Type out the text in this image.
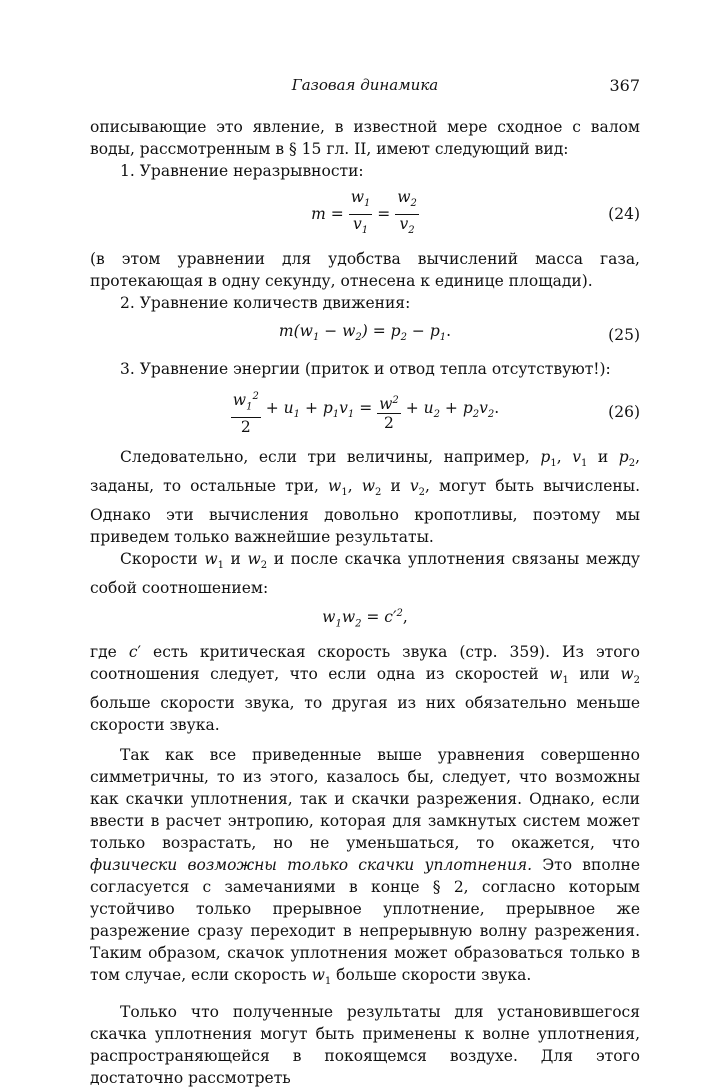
Газовая динамика	367

описывающие это явление, в известной мере сходное с валом воды, рассмотренным в § 15 гл. II, имеют следующий вид:

1. Уравнение неразрывности:

$m = \frac{w_1}{v_1} = \frac{w_2}{v_2}$	(24)

(в этом уравнении для удобства вычислений масса газа, протекающая в одну секунду, отнесена к единице площади).

2. Уравнение количеств движения:

$m(w_1 - w_2) = p_2 - p_1$.	(25)

3. Уравнение энергии (приток и отвод тепла отсутствуют!):

$\frac{w_1^2}{2} + u_1 + p_1v_1 = \frac{w^2}{2} + u_2 + p_2v_2$.	(26)

Следовательно, если три величины, например, $p_1$, $v_1$ и $p_2$, заданы, то остальные три, $w_1$, $w_2$ и $v_2$, могут быть вычислены. Однако эти вычисления довольно кропотливы, поэтому мы приведем только важнейшие результаты.

Скорости $w_1$ и $w_2$ и после скачка уплотнения связаны между собой соотношением:

$w_1w_2 = c'^2$,

где c′ есть критическая скорость звука (стр. 359). Из этого соотношения следует, что если одна из скоростей $w_1$ или $w_2$ больше скорости звука, то другая из них обязательно меньше скорости звука.

Так как все приведенные выше уравнения совершенно симметричны, то из этого, казалось бы, следует, что возможны как скачки уплотнения, так и скачки разрежения. Однако, если ввести в расчет энтропию, которая для замкнутых систем может только возрастать, но не уменьшаться, то окажется, что физически возможны только скачки уплотнения. Это вполне согласуется с замечаниями в конце § 2, согласно которым устойчиво только прерывное уплотнение, прерывное же разрежение сразу переходит в непрерывную волну разрежения. Таким образом, скачок уплотнения может образоваться только в том случае, если скорость $w_1$ больше скорости звука.

Только что полученные результаты для установившегося скачка уплотнения могут быть применены к волне уплотнения, распространяющейся в покоящемся воздухе. Для этого достаточно рассмотреть
